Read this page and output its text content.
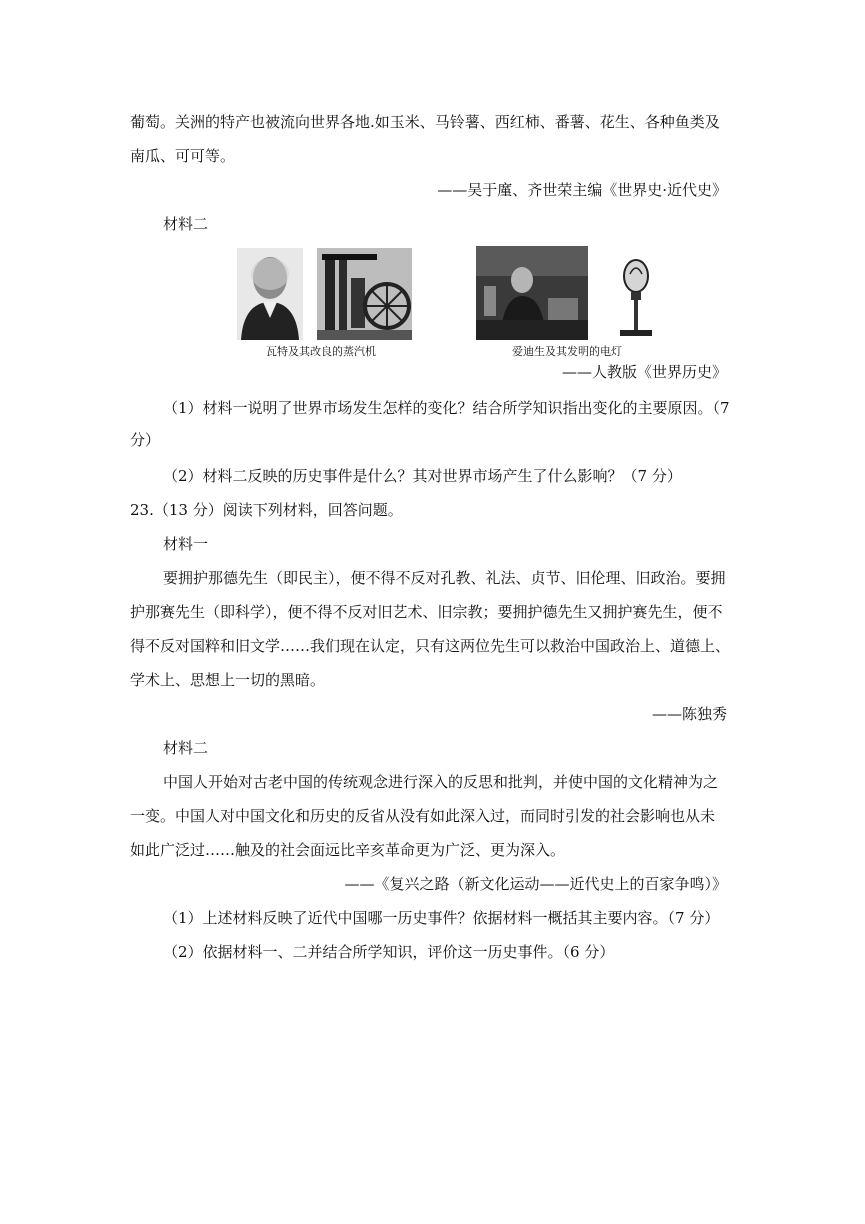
葡萄。关洲的特产也被流向世界各地.如玉米、马铃薯、西红柿、番薯、花生、各种鱼类及
南瓜、可可等。
——吴于廑、齐世荣主编《世界史·近代史》
材料二
瓦特及其改良的蒸汽机	爱迪生及其发明的电灯
——人教版《世界历史》
（1）材料一说明了世界市场发生怎样的变化？结合所学知识指出变化的主要原因。（7
分）
（2）材料二反映的历史事件是什么？其对世界市场产生了什么影响？（7 分）
23.（13 分）阅读下列材料，回答问题。
材料一
要拥护那德先生（即民主），便不得不反对孔教、礼法、贞节、旧伦理、旧政治。要拥
护那赛先生（即科学），便不得不反对旧艺术、旧宗教；要拥护德先生又拥护赛先生，便不
得不反对国粹和旧文学……我们现在认定，只有这两位先生可以救治中国政治上、道德上、
学术上、思想上一切的黑暗。
——陈独秀
材料二
中国人开始对古老中国的传统观念进行深入的反思和批判，并使中国的文化精神为之
一变。中国人对中国文化和历史的反省从没有如此深入过，而同时引发的社会影响也从未
如此广泛过……触及的社会面远比辛亥革命更为广泛、更为深入。
——《复兴之路（新文化运动——近代史上的百家争鸣）》
（1）上述材料反映了近代中国哪一历史事件？依据材料一概括其主要内容。（7 分）
（2）依据材料一、二并结合所学知识，评价这一历史事件。（6 分）
